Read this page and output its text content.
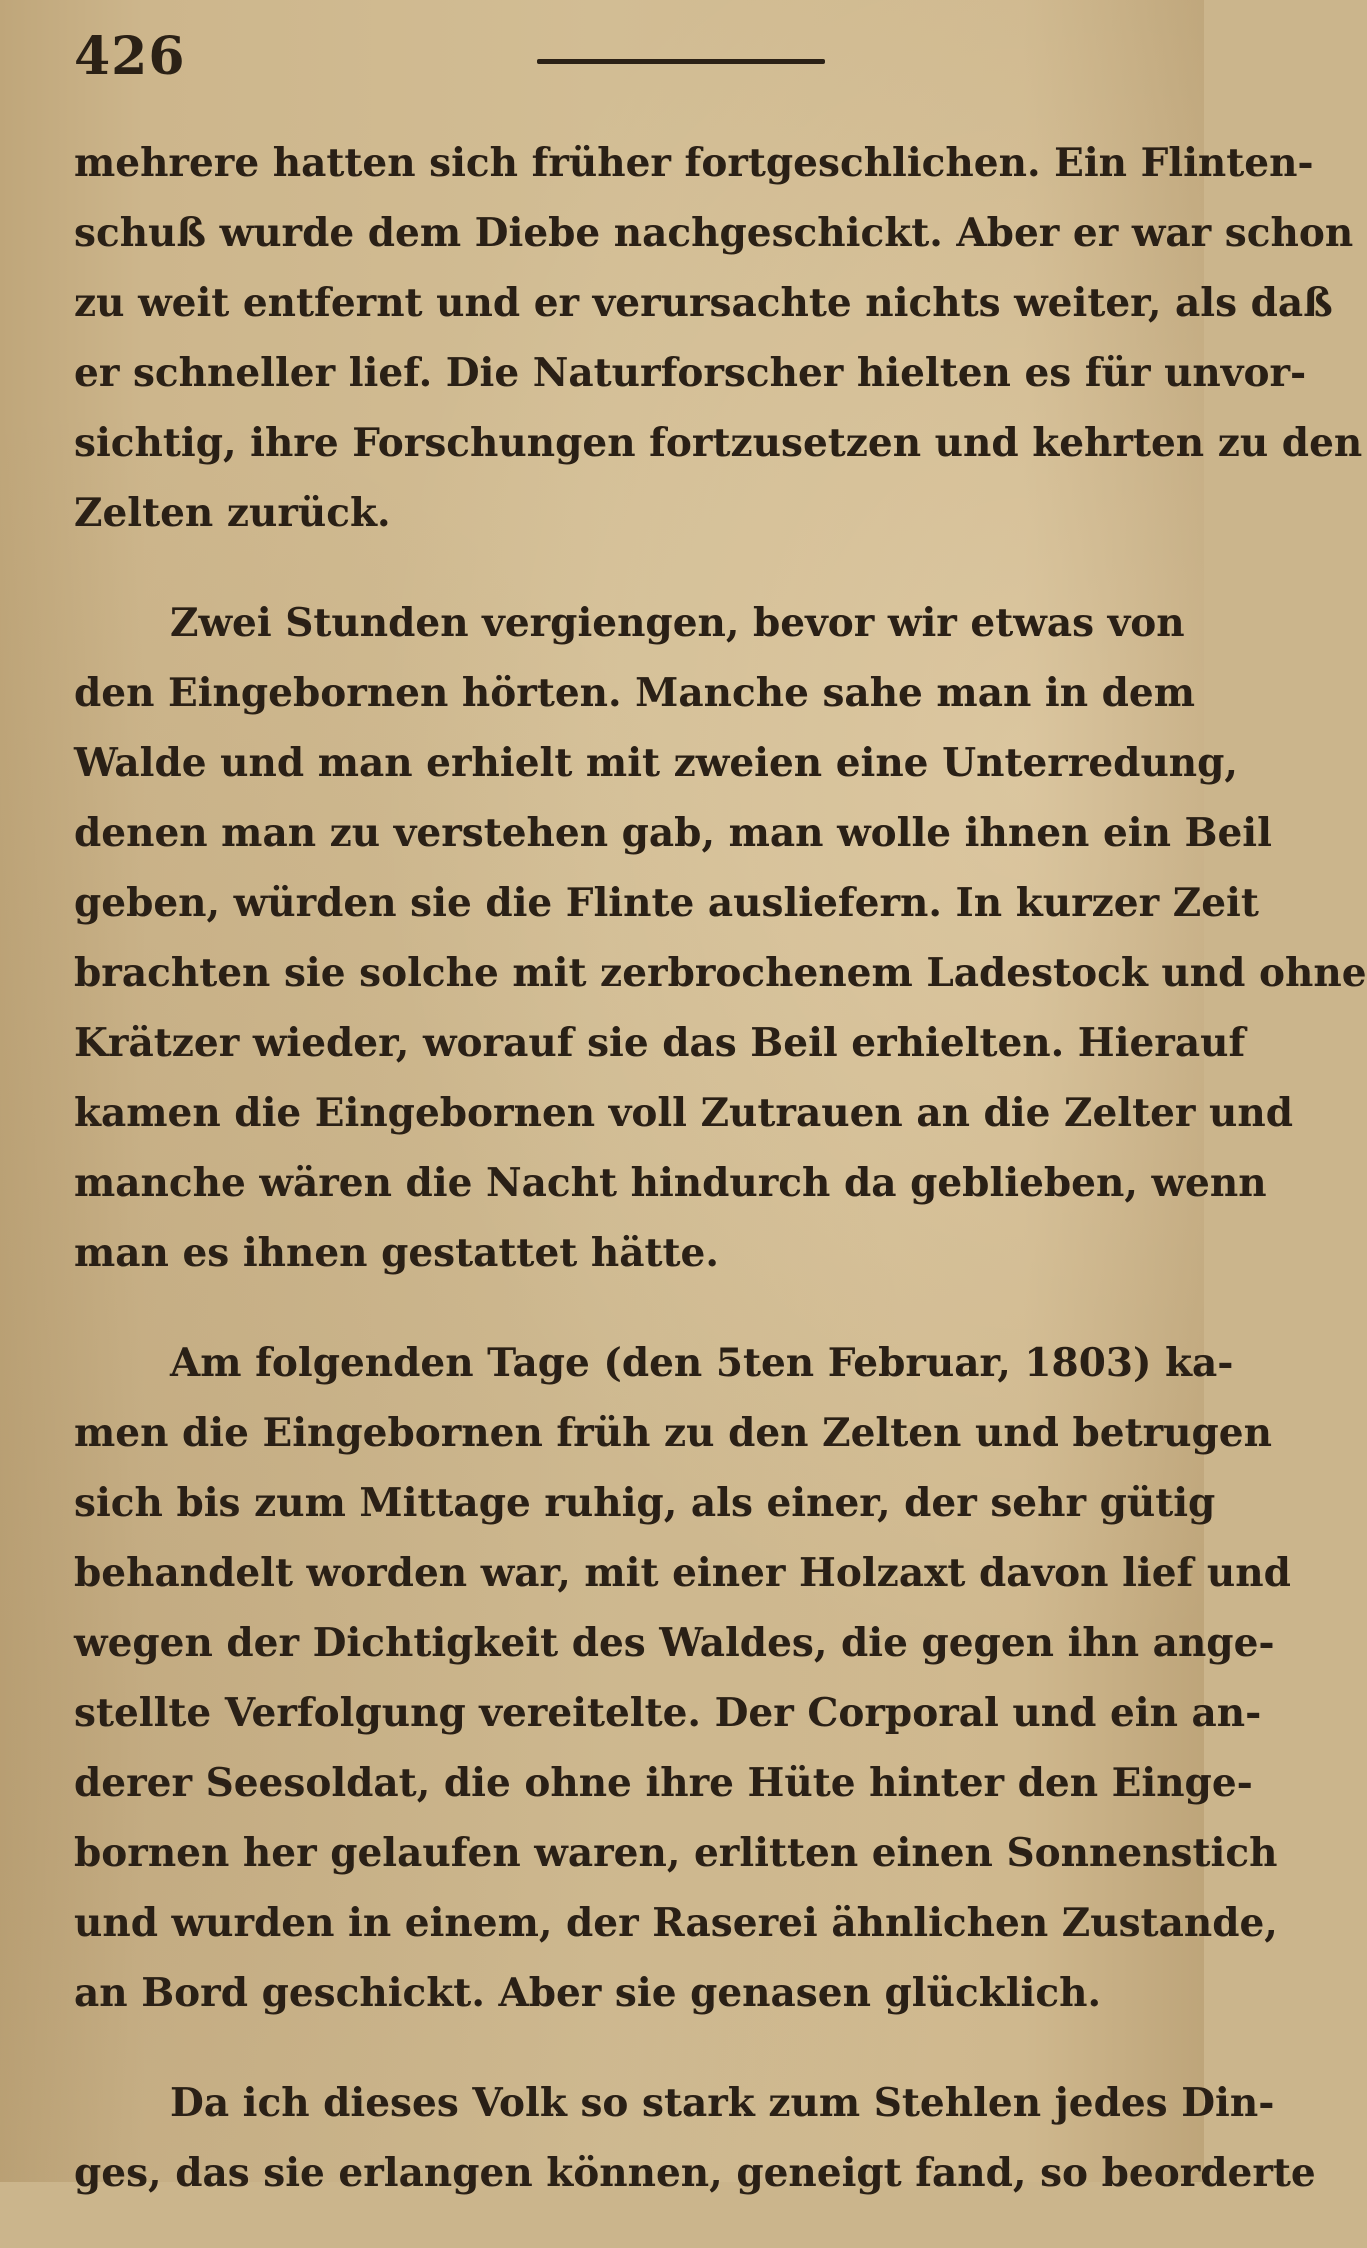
426
mehrere hatten sich früher fortgeschlichen. Ein Flinten-
schuß wurde dem Diebe nachgeschickt. Aber er war schon
zu weit entfernt und er verursachte nichts weiter, als daß
er schneller lief. Die Naturforscher hielten es für unvor-
sichtig, ihre Forschungen fortzusetzen und kehrten zu den
Zelten zurück.
Zwei Stunden vergiengen, bevor wir etwas von
den Eingebornen hörten. Manche sahe man in dem
Walde und man erhielt mit zweien eine Unterredung,
denen man zu verstehen gab, man wolle ihnen ein Beil
geben, würden sie die Flinte ausliefern. In kurzer Zeit
brachten sie solche mit zerbrochenem Ladestock und ohne
Krätzer wieder, worauf sie das Beil erhielten. Hierauf
kamen die Eingebornen voll Zutrauen an die Zelter und
manche wären die Nacht hindurch da geblieben, wenn
man es ihnen gestattet hätte.
Am folgenden Tage (den 5ten Februar, 1803) ka-
men die Eingebornen früh zu den Zelten und betrugen
sich bis zum Mittage ruhig, als einer, der sehr gütig
behandelt worden war, mit einer Holzaxt davon lief und
wegen der Dichtigkeit des Waldes, die gegen ihn ange-
stellte Verfolgung vereitelte. Der Corporal und ein an-
derer Seesoldat, die ohne ihre Hüte hinter den Einge-
bornen her gelaufen waren, erlitten einen Sonnenstich
und wurden in einem, der Raserei ähnlichen Zustande,
an Bord geschickt. Aber sie genasen glücklich.
Da ich dieses Volk so stark zum Stehlen jedes Din-
ges, das sie erlangen können, geneigt fand, so beorderte
